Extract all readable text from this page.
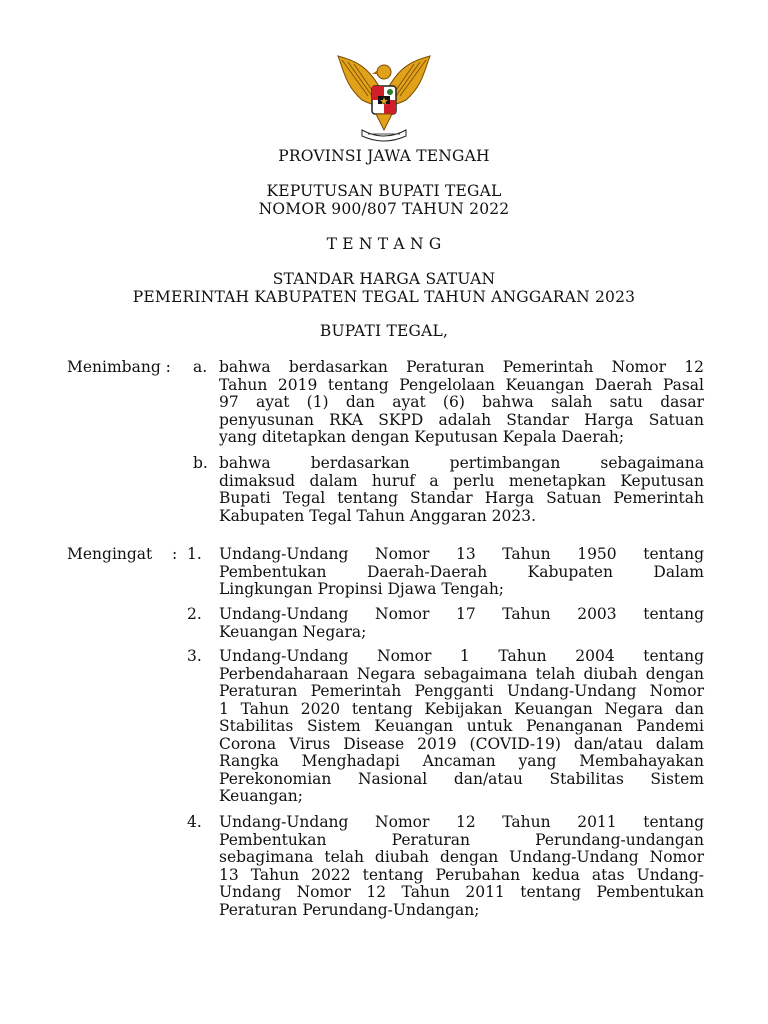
PROVINSI JAWA TENGAH
KEPUTUSAN BUPATI TEGAL
NOMOR 900/807 TAHUN 2022
T E N T A N G
STANDAR HARGA SATUAN
PEMERINTAH KABUPATEN TEGAL TAHUN ANGGARAN 2023
BUPATI TEGAL,
Menimbang : a. bahwa berdasarkan Peraturan Pemerintah Nomor 12
Tahun 2019 tentang Pengelolaan Keuangan Daerah Pasal
97 ayat (1) dan ayat (6) bahwa salah satu dasar
penyusunan RKA SKPD adalah Standar Harga Satuan
yang ditetapkan dengan Keputusan Kepala Daerah;
b. bahwa berdasarkan pertimbangan sebagaimana
dimaksud dalam huruf a perlu menetapkan Keputusan
Bupati Tegal tentang Standar Harga Satuan Pemerintah
Kabupaten Tegal Tahun Anggaran 2023.
Mengingat : 1. Undang-Undang Nomor 13 Tahun 1950 tentang
Pembentukan Daerah-Daerah Kabupaten Dalam
Lingkungan Propinsi Djawa Tengah;
2. Undang-Undang Nomor 17 Tahun 2003 tentang
Keuangan Negara;
3. Undang-Undang Nomor 1 Tahun 2004 tentang
Perbendaharaan Negara sebagaimana telah diubah dengan
Peraturan Pemerintah Pengganti Undang-Undang Nomor
1 Tahun 2020 tentang Kebijakan Keuangan Negara dan
Stabilitas Sistem Keuangan untuk Penanganan Pandemi
Corona Virus Disease 2019 (COVID-19) dan/atau dalam
Rangka Menghadapi Ancaman yang Membahayakan
Perekonomian Nasional dan/atau Stabilitas Sistem
Keuangan;
4. Undang-Undang Nomor 12 Tahun 2011 tentang
Pembentukan Peraturan Perundang-undangan
sebagimana telah diubah dengan Undang-Undang Nomor
13 Tahun 2022 tentang Perubahan kedua atas Undang-
Undang Nomor 12 Tahun 2011 tentang Pembentukan
Peraturan Perundang-Undangan;
